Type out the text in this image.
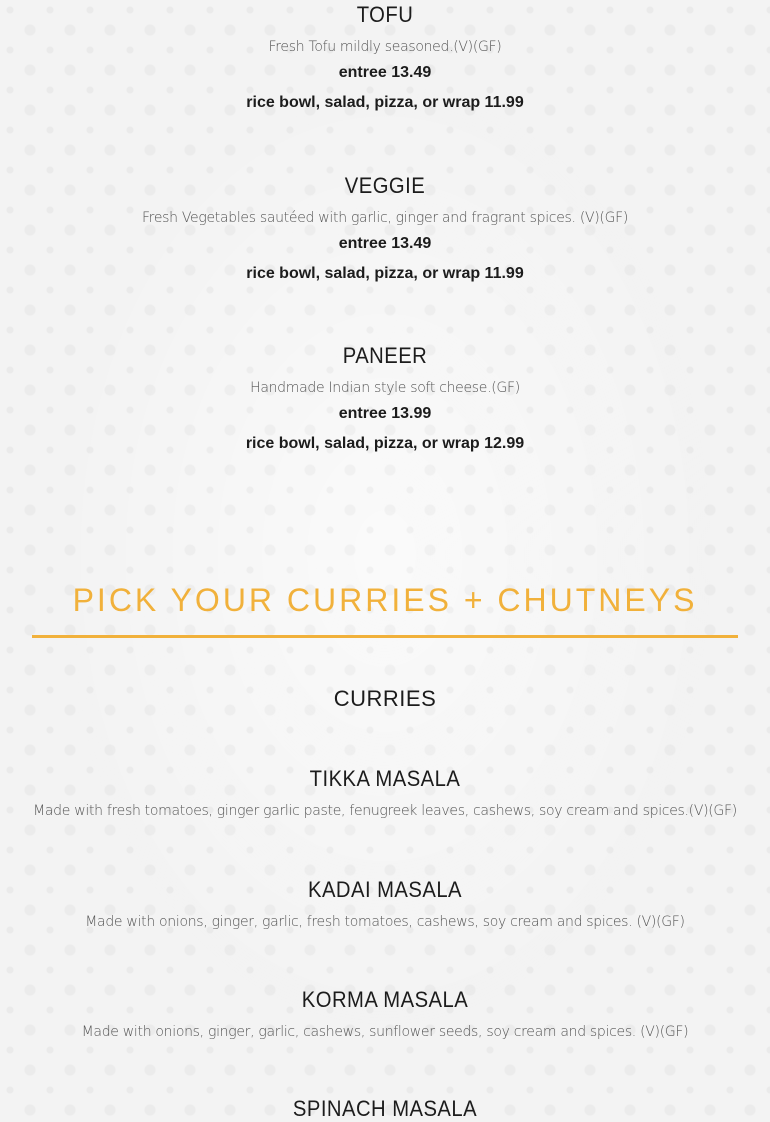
TOFU
Fresh Tofu mildly seasoned.(V)(GF)
entree 13.49
rice bowl, salad, pizza, or wrap 11.99
VEGGIE
Fresh Vegetables sautéed with garlic, ginger and fragrant spices. (V)(GF)
entree 13.49
rice bowl, salad, pizza, or wrap 11.99
PANEER
Handmade Indian style soft cheese.(GF)
entree 13.99
rice bowl, salad, pizza, or wrap 12.99
PICK YOUR CURRIES + CHUTNEYS
CURRIES
TIKKA MASALA
Made with fresh tomatoes, ginger garlic paste, fenugreek leaves, cashews, soy cream and spices.(V)(GF)
KADAI MASALA
Made with onions, ginger, garlic, fresh tomatoes, cashews, soy cream and spices. (V)(GF)
KORMA MASALA
Made with onions, ginger, garlic, cashews, sunflower seeds, soy cream and spices. (V)(GF)
SPINACH MASALA
